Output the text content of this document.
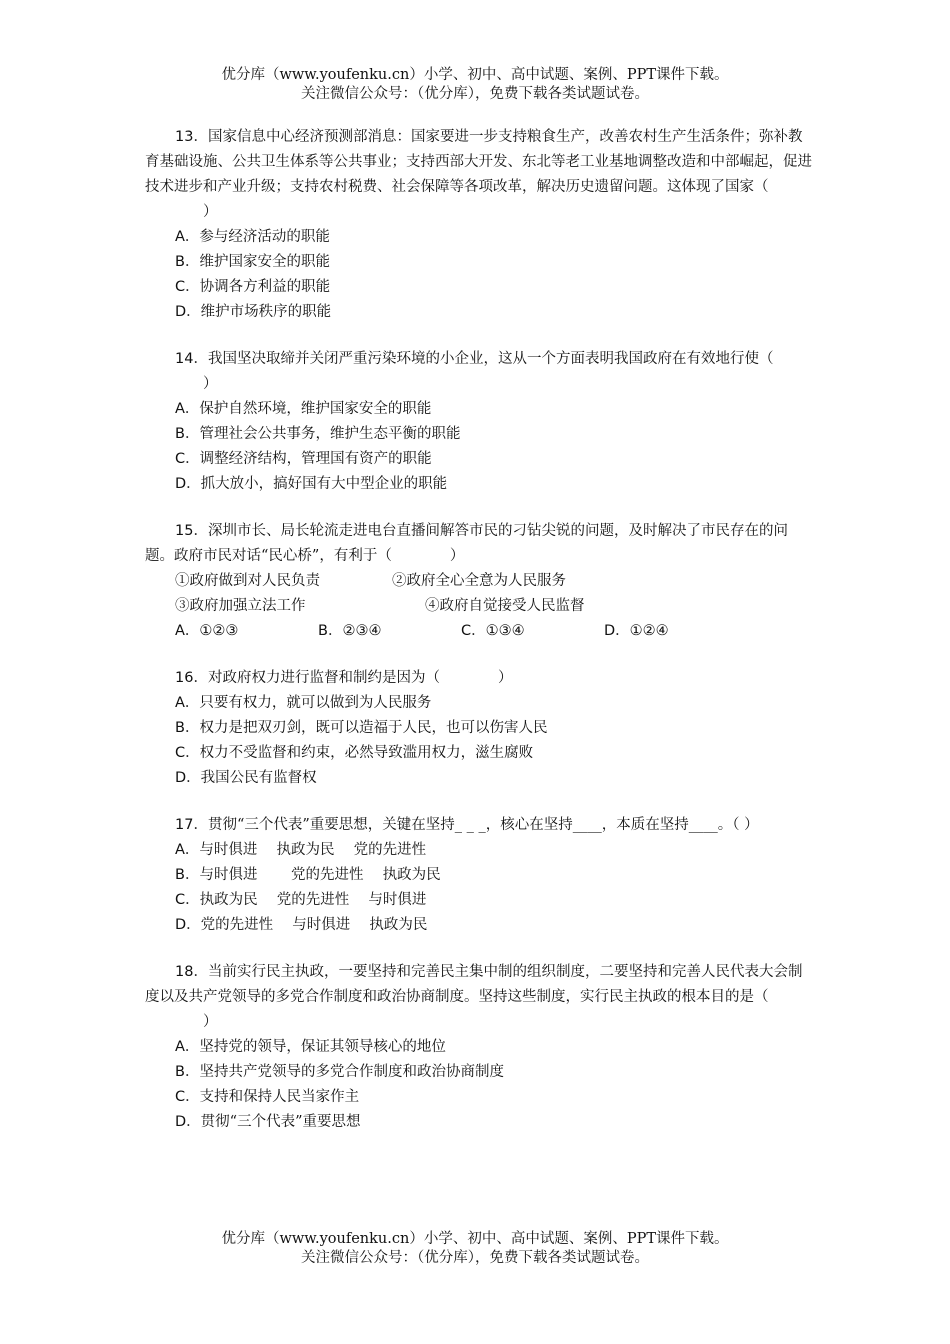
优分库（www.youfenku.cn）小学、初中、高中试题、案例、PPT课件下载。
关注微信公众号：（优分库），免费下载各类试题试卷。
13．国家信息中心经济预测部消息：国家要进一步支持粮食生产，改善农村生产生活条件；弥补教育基础设施、公共卫生体系等公共事业；支持西部大开发、东北等老工业基地调整改造和中部崛起，促进技术进步和产业升级；支持农村税费、社会保障等各项改革，解决历史遗留问题。这体现了国家（）
A．参与经济活动的职能
B．维护国家安全的职能
C．协调各方利益的职能
D．维护市场秩序的职能
14．我国坚决取缔并关闭严重污染环境的小企业，这从一个方面表明我国政府在有效地行使（）
A．保护自然环境，维护国家安全的职能
B．管理社会公共事务，维护生态平衡的职能
C．调整经济结构，管理国有资产的职能
D．抓大放小，搞好国有大中型企业的职能
15．深圳市长、局长轮流走进电台直播间解答市民的刁钻尖锐的问题，及时解决了市民存在的问题。政府市民对话“民心桥”，有利于（	）
①政府做到对人民负责	②政府全心全意为人民服务
③政府加强立法工作	④政府自觉接受人民监督
A．①②③	B．②③④	C．①③④	D．①②④
16．对政府权力进行监督和制约是因为（	）
A．只要有权力，就可以做到为人民服务
B．权力是把双刃剑，既可以造福于人民，也可以伤害人民
C．权力不受监督和约束，必然导致滥用权力，滋生腐败
D．我国公民有监督权
17．贯彻“三个代表”重要思想，关键在坚持_ _ _，核心在坚持____，本质在坚持____。（ ）
A．与时俱进　 执政为民　 党的先进性
B．与时俱进　　 党的先进性　 执政为民
C．执政为民　 党的先进性　 与时俱进
D．党的先进性　 与时俱进　 执政为民
18．当前实行民主执政，一要坚持和完善民主集中制的组织制度，二要坚持和完善人民代表大会制度以及共产党领导的多党合作制度和政治协商制度。坚持这些制度，实行民主执政的根本目的是（）
A．坚持党的领导，保证其领导核心的地位
B．坚持共产党领导的多党合作制度和政治协商制度
C．支持和保持人民当家作主
D．贯彻“三个代表”重要思想
优分库（www.youfenku.cn）小学、初中、高中试题、案例、PPT课件下载。
关注微信公众号：（优分库），免费下载各类试题试卷。
